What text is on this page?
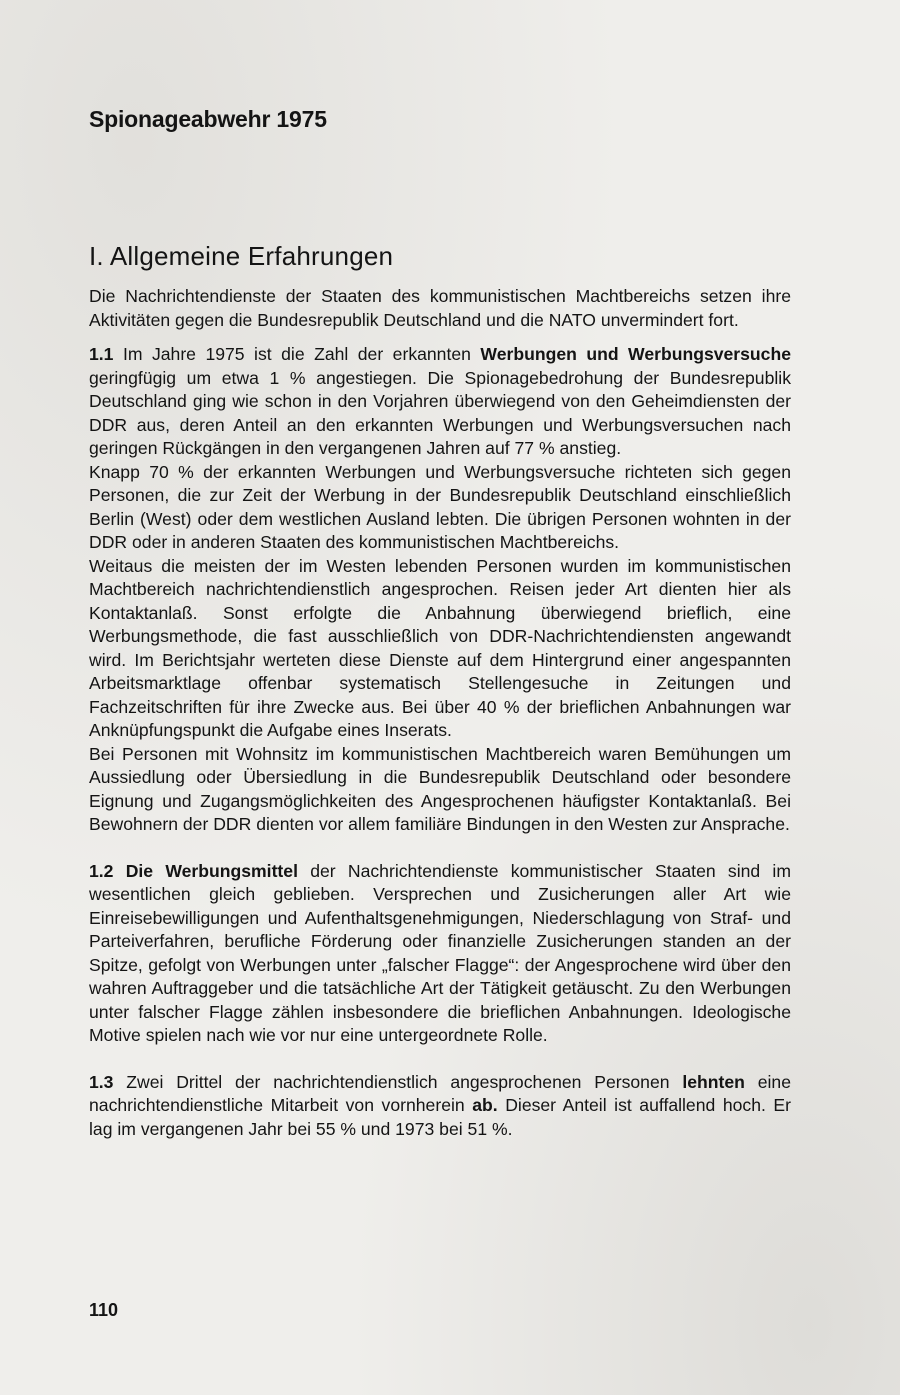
Spionageabwehr 1975
I. Allgemeine Erfahrungen

Die Nachrichtendienste der Staaten des kommunistischen Machtbereichs setzen ihre Aktivitäten gegen die Bundesrepublik Deutschland und die NATO unvermindert fort.

1.1 Im Jahre 1975 ist die Zahl der erkannten Werbungen und Werbungsversuche geringfügig um etwa 1 % angestiegen. Die Spionagebedrohung der Bundesrepublik Deutschland ging wie schon in den Vorjahren überwiegend von den Geheimdiensten der DDR aus, deren Anteil an den erkannten Werbungen und Werbungsversuchen nach geringen Rückgängen in den vergangenen Jahren auf 77 % anstieg.

Knapp 70 % der erkannten Werbungen und Werbungsversuche richteten sich gegen Personen, die zur Zeit der Werbung in der Bundesrepublik Deutschland einschließlich Berlin (West) oder dem westlichen Ausland lebten. Die übrigen Personen wohnten in der DDR oder in anderen Staaten des kommunistischen Machtbereichs.

Weitaus die meisten der im Westen lebenden Personen wurden im kommunistischen Machtbereich nachrichtendienstlich angesprochen. Reisen jeder Art dienten hier als Kontaktanlaß. Sonst erfolgte die Anbahnung überwiegend brieflich, eine Werbungsmethode, die fast ausschließlich von DDR-Nachrichtendiensten angewandt wird. Im Berichtsjahr werteten diese Dienste auf dem Hintergrund einer angespannten Arbeitsmarktlage offenbar systematisch Stellengesuche in Zeitungen und Fachzeitschriften für ihre Zwecke aus. Bei über 40 % der brieflichen Anbahnungen war Anknüpfungspunkt die Aufgabe eines Inserats.

Bei Personen mit Wohnsitz im kommunistischen Machtbereich waren Bemühungen um Aussiedlung oder Übersiedlung in die Bundesrepublik Deutschland oder besondere Eignung und Zugangsmöglichkeiten des Angesprochenen häufigster Kontaktanlaß. Bei Bewohnern der DDR dienten vor allem familiäre Bindungen in den Westen zur Ansprache.

1.2 Die Werbungsmittel der Nachrichtendienste kommunistischer Staaten sind im wesentlichen gleich geblieben. Versprechen und Zusicherungen aller Art wie Einreisebewilligungen und Aufenthaltsgenehmigungen, Niederschlagung von Straf- und Parteiverfahren, berufliche Förderung oder finanzielle Zusicherungen standen an der Spitze, gefolgt von Werbungen unter „falscher Flagge“: der Angesprochene wird über den wahren Auftraggeber und die tatsächliche Art der Tätigkeit getäuscht. Zu den Werbungen unter falscher Flagge zählen insbesondere die brieflichen Anbahnungen. Ideologische Motive spielen nach wie vor nur eine untergeordnete Rolle.

1.3 Zwei Drittel der nachrichtendienstlich angesprochenen Personen lehnten eine nachrichtendienstliche Mitarbeit von vornherein ab. Dieser Anteil ist auffallend hoch. Er lag im vergangenen Jahr bei 55 % und 1973 bei 51 %.

110
